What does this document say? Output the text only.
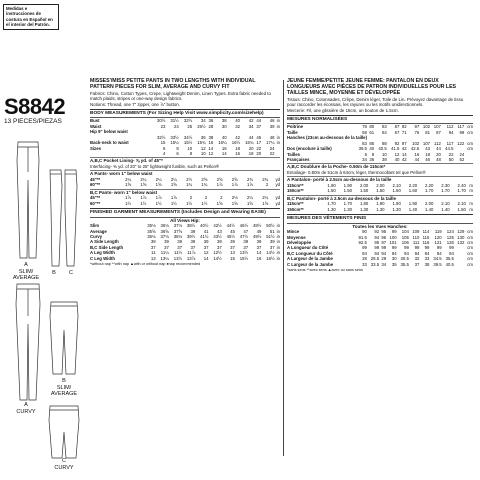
Medidas e instrucciones de costura en Español en el interior del Patrón.
S8842
13 PIECES/PIEZAS
A
SLIM/
AVERAGE
B	C
A
CURVY
B
SLIM/
AVERAGE
C
CURVY
MISSES'/MISS PETITE PANTS IN TWO LENGTHS WITH INDIVIDUAL PATTERN PIECES FOR SLIM, AVERAGE AND CURVY FIT
Fabrics: Chino, Cotton Types, Crepe, Lightweight Denim, Linen Types. Extra fabric needed to match plaids, stripes or one-way design fabrics.
Notions: Thread, one 7" zipper, one ⅞" button.
BODY MEASUREMENTS (For Sizing Help Visit www.simplicity.com/sizehelp)
Bust	30½	31½	32½	34	36	38	40	42	44	46	in
Waist	23	24	25	26½	28	30	32	34	37	39	in
Hip 9" below waist											
	32½	33½	34½	36	38	40	42	44	46	48	in
Back-neck to waist	15	15¼	15½	15¾	16	16¼	16½	16¾	17	17¼	in
Sizes	6	8	10	12	14	16	18	20	22	24	
	4	6	8	10	12	14	16	18	20	22	
A,B,C Pocket Lining- ⅝ yd. of 45"*
Interfacing- ⅜ yd. of 20" to 25" lightweight fusible, such as Pellon®
A Pants- worn 1" below waist
45"**	2¼	2¼	2¼	2¼	2½	2⅝	2⅝	2⅝	2¾	2¾	yd
60"**	1⅝	1⅝	1⅝	1⅝	1¾	1¾	1⅞	1⅞	1⅞	2	yd
B,C Pants- worn 1" below waist
45"**	1⅞	1⅞	1⅞	1⅞	2	2	2	2⅛	2¼	2¼	yd
60"**	1½	1½	1½	1½	1½	1½	1⅝	1⅝	1⅝	1⅝	yd
FINISHED GARMENT MEASUREMENTS (Includes Design and Wearing EASE)
All Views Hip:
Slim	35⅛	36⅛	37⅛	38½	40½	42½	44½	46½	48½	50½	in
Average	35⅝	36⅝	37⅝	39	41	43	45	47	49	51	in
Curvy	36⅛	37⅛	38⅛	39½	41½	43½	45½	47½	49½	51½	in
A Side Length	39	39	39	39	39	39	39	39	39	39	in
B,C Side Length	37	37	37	37	37	37	37	37	37	37	in
A Leg Width	11	11¼	11½	11⅞	12	12½	13	13½	14	14½	in
C Leg Width	13	13¼	13½	13⅞	14	14½	15	15½	16	16½	in
*without nap **with nap ▲with or without nap ♦nap recommended
JEUNE FEMME/PETITE JEUNE FEMME: PANTALON EN DEUX LONGUEURS AVEC PIÈCES DE PATRON INDIVIDUELLES POUR LES TAILLES MINCE, MOYENNE ET DÉVELOPPÉE
Tissus: Chino, Cotonnades, Crêpe, Denim léger, Toile de Lin. Prévoyez davantage de tissu pour raccorder les écossais, les rayures ou les motifs unidirectionnels.
Mercerie: Fil, une glissière de 18cm, un bouton de 1.5cm.
MESURES NORMALISÉES
Poitrine	78	80	83	87	92	97	102	107	112	117	cm
Taille	58	61	64	67	71	76	81	87	94	99	cm
Hanches (23cm au-dessous de la taille)											
	83	85	88	92	97	102	107	112	117	122	cm
Dos (encolure à taille)	39.5	40	40.5	41.5	42	42.5	43	44	44.5		cm
Tailles	6	8	10	12	14	16	18	20	22	24	
Françaises	34	36	38	40	42	44	46	48	50	52	
A,B,C Doublure de la Poche- 0.50m de 115cm*
Entoilage- 0.80m de 51cm à 64cm, léger, thermocollant tel que Pellon®
A Pantalon- porté à 2.5cm au-dessous de la taille
115cm**	1.90	1.90	2.00	2.00	2.10	2.20	2.20	2.30	2.40		m
150cm**	1.50	1.50	1.50	1.50	1.60	1.60	1.70	1.70	1.70		m
B,C Pantalon- porté à 2.5cm au-dessous de la taille
115cm**	1.70	1.70	1.80	1.90	1.90	1.90	2.00	2.10	2.10		m
150cm**	1.30	1.30	1.30	1.30	1.30	1.40	1.40	1.40	1.50		m
MESURES DES VÊTEMENTS FINIS
Toutes les Vues Hanches:
Mince	90	92	95	99	104	109	114	119	124	129	cm
Moyenne	91.5	94	96	100	105	110	115	120	125	130	cm
Développée	92.5	95	97	101	106	111	116	121	126	132	cm
A Longueur du Côté	99	99	99	99	99	99	99	99	99		cm
B,C Longueur du Côté	94	94	94	94	94	94	94	94	94		cm
A Largeur de la Jambe	28	28.5	29	30	30.5	32	33	34.5	35.5		cm
C Largeur de la Jambe	33	33.5	34	35	35.5	37	38	39.5	40.5		cm
*sans sens **avec sens ▲avec ou sans sens
